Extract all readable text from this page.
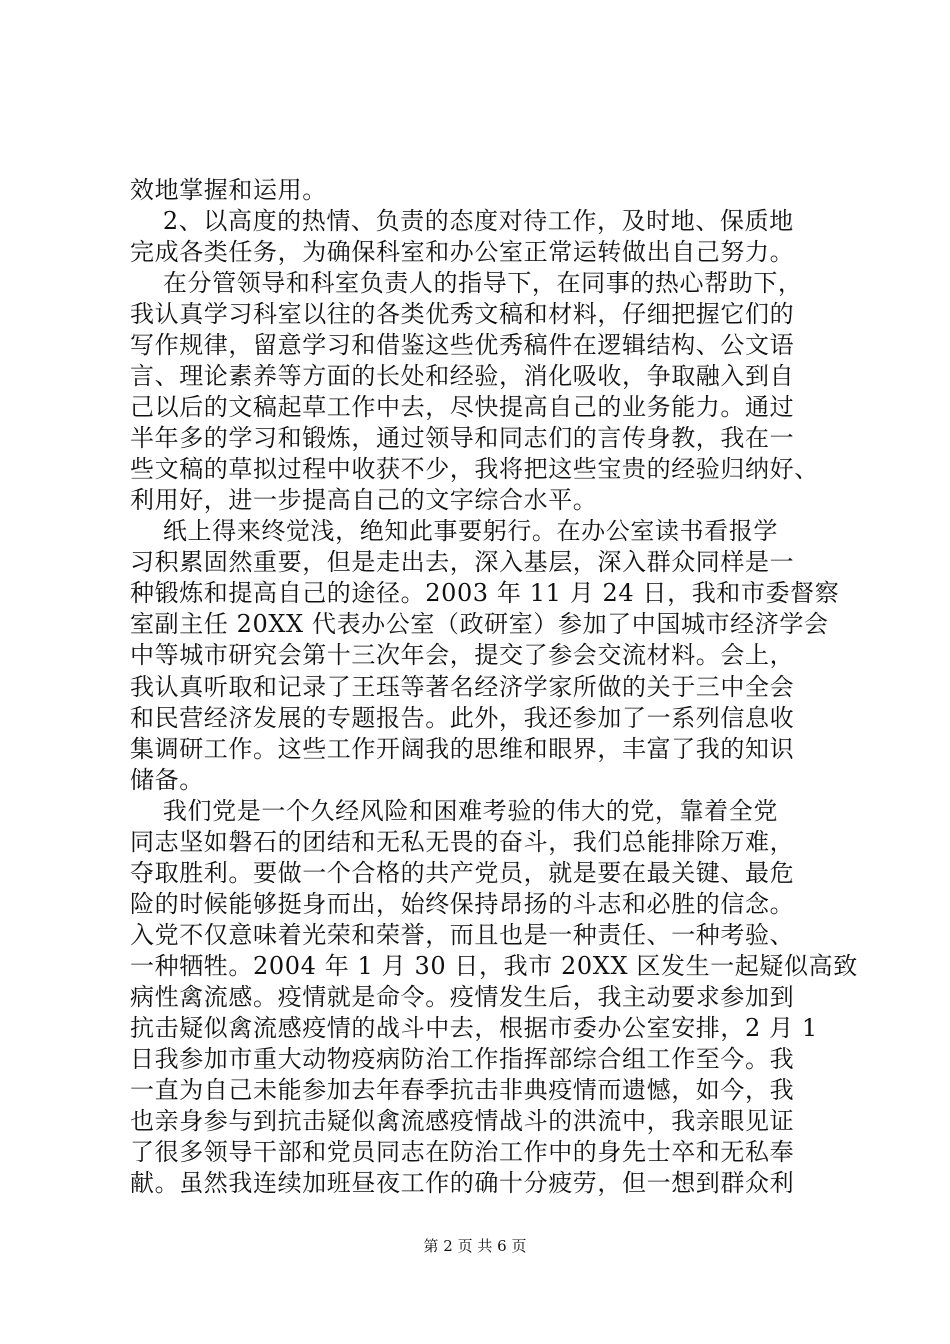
效地掌握和运用。
2、以高度的热情、负责的态度对待工作，及时地、保质地
完成各类任务，为确保科室和办公室正常运转做出自己努力。
在分管领导和科室负责人的指导下，在同事的热心帮助下，
我认真学习科室以往的各类优秀文稿和材料，仔细把握它们的
写作规律，留意学习和借鉴这些优秀稿件在逻辑结构、公文语
言、理论素养等方面的长处和经验，消化吸收，争取融入到自
己以后的文稿起草工作中去，尽快提高自己的业务能力。通过
半年多的学习和锻炼，通过领导和同志们的言传身教，我在一
些文稿的草拟过程中收获不少，我将把这些宝贵的经验归纳好、
利用好，进一步提高自己的文字综合水平。
纸上得来终觉浅，绝知此事要躬行。在办公室读书看报学
习积累固然重要，但是走出去，深入基层，深入群众同样是一
种锻炼和提高自己的途径。2003 年 11 月 24 日，我和市委督察
室副主任 20XX 代表办公室（政研室）参加了中国城市经济学会
中等城市研究会第十三次年会，提交了参会交流材料。会上，
我认真听取和记录了王珏等著名经济学家所做的关于三中全会
和民营经济发展的专题报告。此外，我还参加了一系列信息收
集调研工作。这些工作开阔我的思维和眼界，丰富了我的知识
储备。
我们党是一个久经风险和困难考验的伟大的党，靠着全党
同志坚如磐石的团结和无私无畏的奋斗，我们总能排除万难，
夺取胜利。要做一个合格的共产党员，就是要在最关键、最危
险的时候能够挺身而出，始终保持昂扬的斗志和必胜的信念。
入党不仅意味着光荣和荣誉，而且也是一种责任、一种考验、
一种牺牲。2004 年 1 月 30 日，我市 20XX 区发生一起疑似高致
病性禽流感。疫情就是命令。疫情发生后，我主动要求参加到
抗击疑似禽流感疫情的战斗中去，根据市委办公室安排，2 月 1
日我参加市重大动物疫病防治工作指挥部综合组工作至今。我
一直为自己未能参加去年春季抗击非典疫情而遗憾，如今，我
也亲身参与到抗击疑似禽流感疫情战斗的洪流中，我亲眼见证
了很多领导干部和党员同志在防治工作中的身先士卒和无私奉
献。虽然我连续加班昼夜工作的确十分疲劳，但一想到群众利
第 2 页 共 6 页
